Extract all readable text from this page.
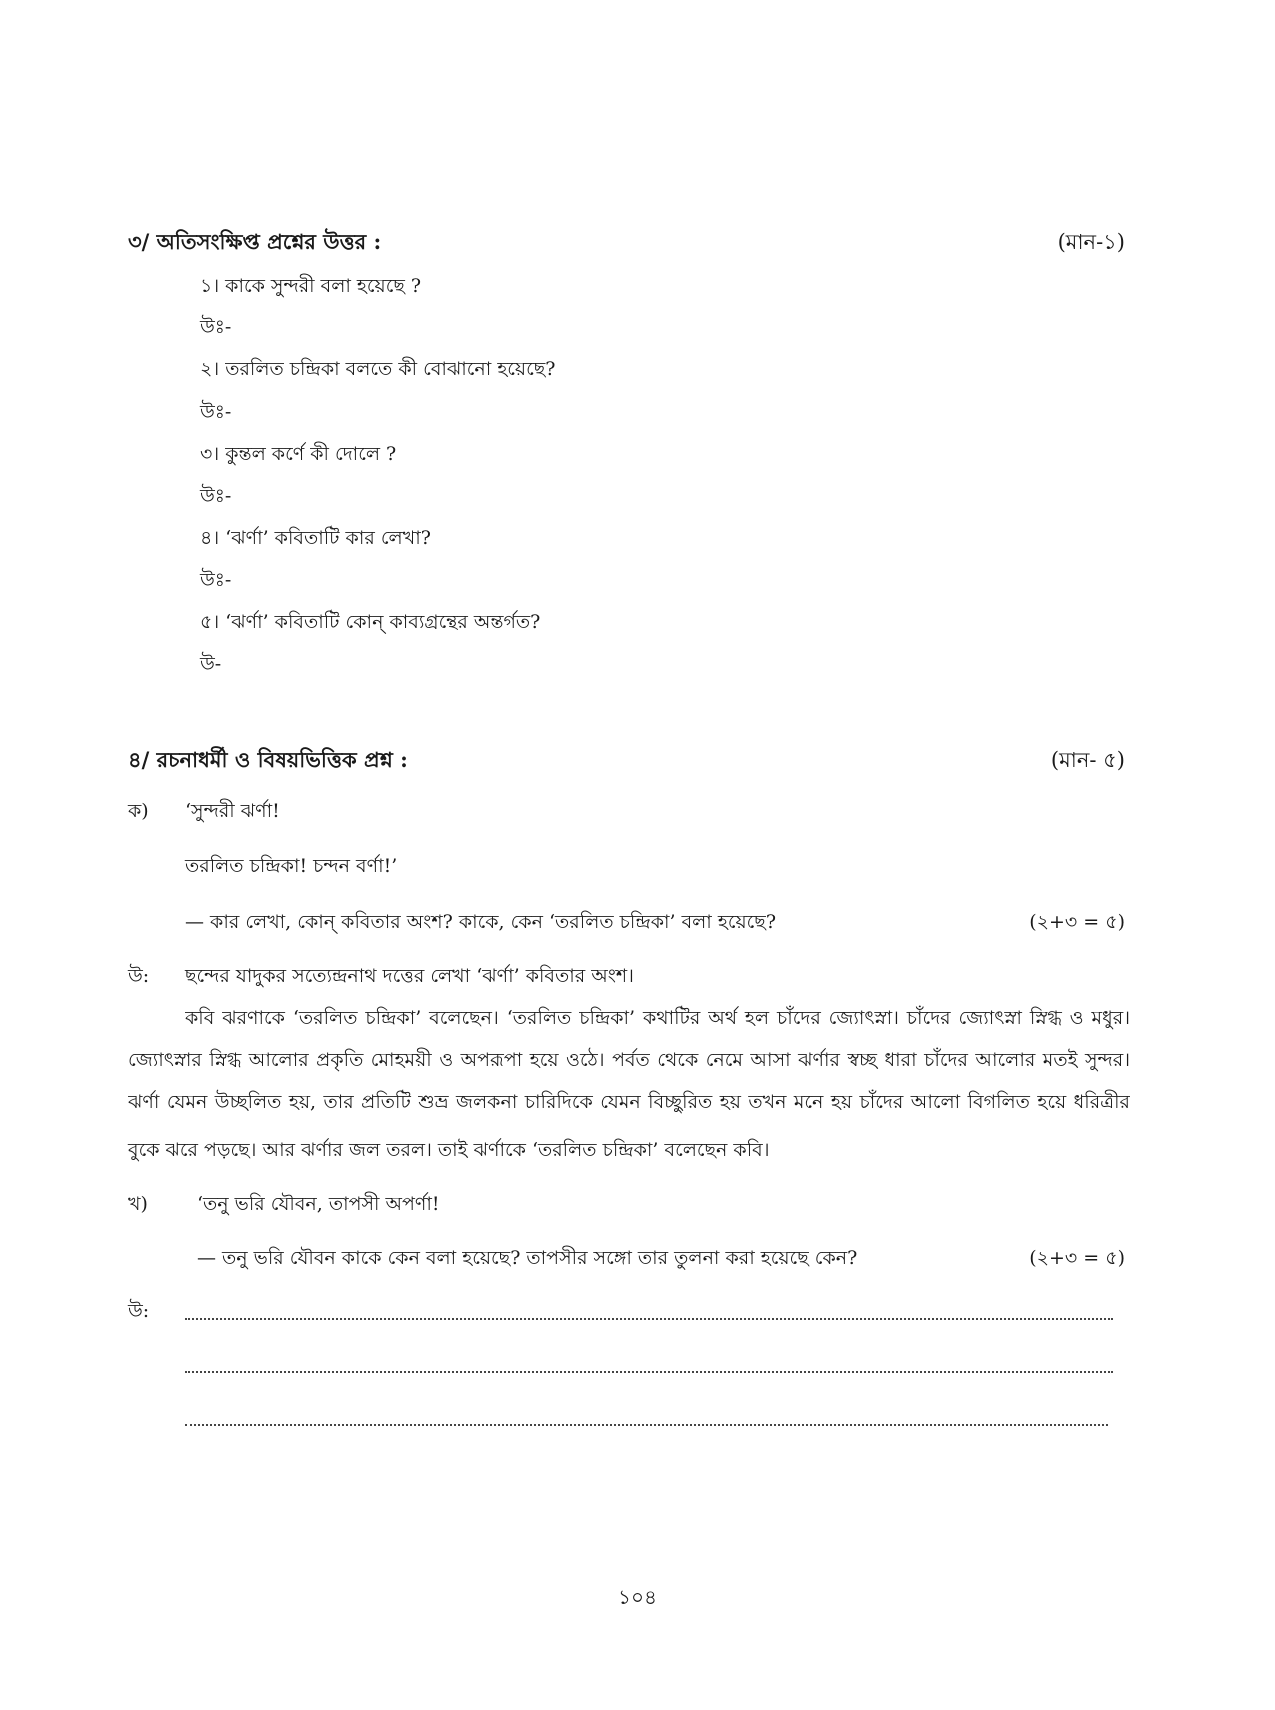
৩/ অতিসংক্ষিপ্ত প্রশ্নের উত্তর :	(মান-১)
১। কাকে সুন্দরী বলা হয়েছে ?
উঃ-
২। তরলিত চন্দ্রিকা বলতে কী বোঝানো হয়েছে?
উঃ-
৩। কুন্তল কর্ণে কী দোলে ?
উঃ-
৪। ‘ঝর্ণা’ কবিতাটি কার লেখা?
উঃ-
৫। ‘ঝর্ণা’ কবিতাটি কোন্ কাব্যগ্রন্থের অন্তর্গত?
উ-
৪/ রচনাধর্মী ও বিষয়ভিত্তিক প্রশ্ন :	(মান- ৫)
ক) ‘সুন্দরী ঝর্ণা!
তরলিত চন্দ্রিকা! চন্দন বর্ণা!’
— কার লেখা, কোন্ কবিতার অংশ? কাকে, কেন ‘তরলিত চন্দ্রিকা’ বলা হয়েছে?	(২+৩ = ৫)
উ: ছন্দের যাদুকর সত্যেন্দ্রনাথ দত্তের লেখা ‘ঝর্ণা’ কবিতার অংশ।
কবি ঝরণাকে ‘তরলিত চন্দ্রিকা’ বলেছেন। ‘তরলিত চন্দ্রিকা’ কথাটির অর্থ হল চাঁদের জ্যোৎস্না। চাঁদের জ্যোৎস্না স্নিগ্ধ ও মধুর।
জ্যোৎস্নার স্নিগ্ধ আলোর প্রকৃতি মোহময়ী ও অপরূপা হয়ে ওঠে। পর্বত থেকে নেমে আসা ঝর্ণার স্বচ্ছ ধারা চাঁদের আলোর মতই সুন্দর।
ঝর্ণা যেমন উচ্ছলিত হয়, তার প্রতিটি শুভ্র জলকনা চারিদিকে যেমন বিচ্ছুরিত হয় তখন মনে হয় চাঁদের আলো বিগলিত হয়ে ধরিত্রীর
বুকে ঝরে পড়ছে। আর ঝর্ণার জল তরল। তাই ঝর্ণাকে ‘তরলিত চন্দ্রিকা’ বলেছেন কবি।
খ)	‘তনু ভরি যৌবন, তাপসী অপর্ণা!
— তনু ভরি যৌবন কাকে কেন বলা হয়েছে? তাপসীর সঙ্গো তার তুলনা করা হয়েছে কেন?	(২+৩ = ৫)
উ:
১০৪
